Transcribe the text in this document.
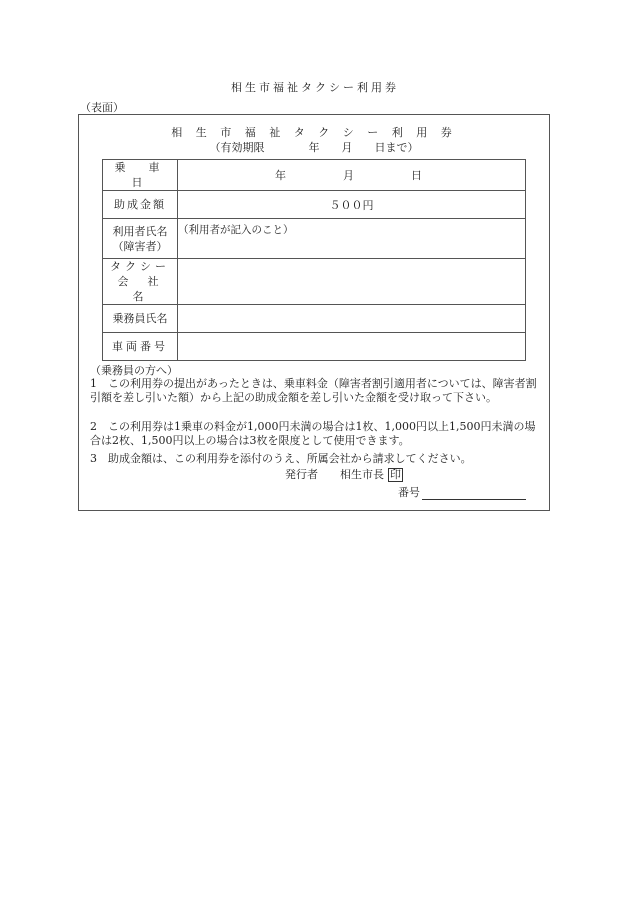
相生市福祉タクシー利用券
（表面）
相 生 市 福 祉 タ ク シ ー 利 用 券
（有効期限　　　　年　　月　　日まで）
乗　車　日	年　　　月　　　日
助成金額	５００円

利用者氏名
（障害者）	（利用者が記入のこと）

タクシー
会　社　名	

乗務員氏名	
車両番号	
（乗務員の方へ）
1　この利用券の提出があったときは、乗車料金（障害者割引適用者については、障害者割引額を差し引いた額）から上記の助成金額を差し引いた金額を受け取って下さい。
2　この利用券は1乗車の料金が1,000円未満の場合は1枚、1,000円以上1,500円未満の場合は2枚、1,500円以上の場合は3枚を限度として使用できます。
3　助成金額は、この利用券を添付のうえ、所属会社から請求してください。
発行者　　相生市長 印
番号
